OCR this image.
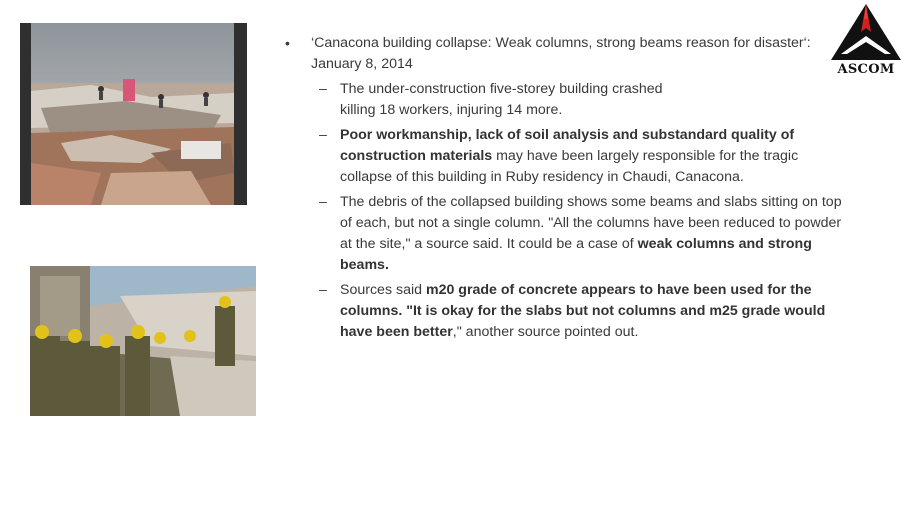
ASCOM
• ‘Canacona building collapse: Weak columns, strong beams reason for disaster‘: January 8, 2014
– The under-construction five-storey building crashed
killing 18 workers, injuring 14 more.
– Poor workmanship, lack of soil analysis and substandard quality of construction materials may have been largely responsible for the tragic collapse of this building in Ruby residency in Chaudi, Canacona.
– The debris of the collapsed building shows some beams and slabs sitting on top of each, but not a single column. "All the columns have been reduced to powder at the site," a source said. It could be a case of weak columns and strong beams.
– Sources said m20 grade of concrete appears to have been used for the columns. "It is okay for the slabs but not columns and m25 grade would have been better," another source pointed out.
